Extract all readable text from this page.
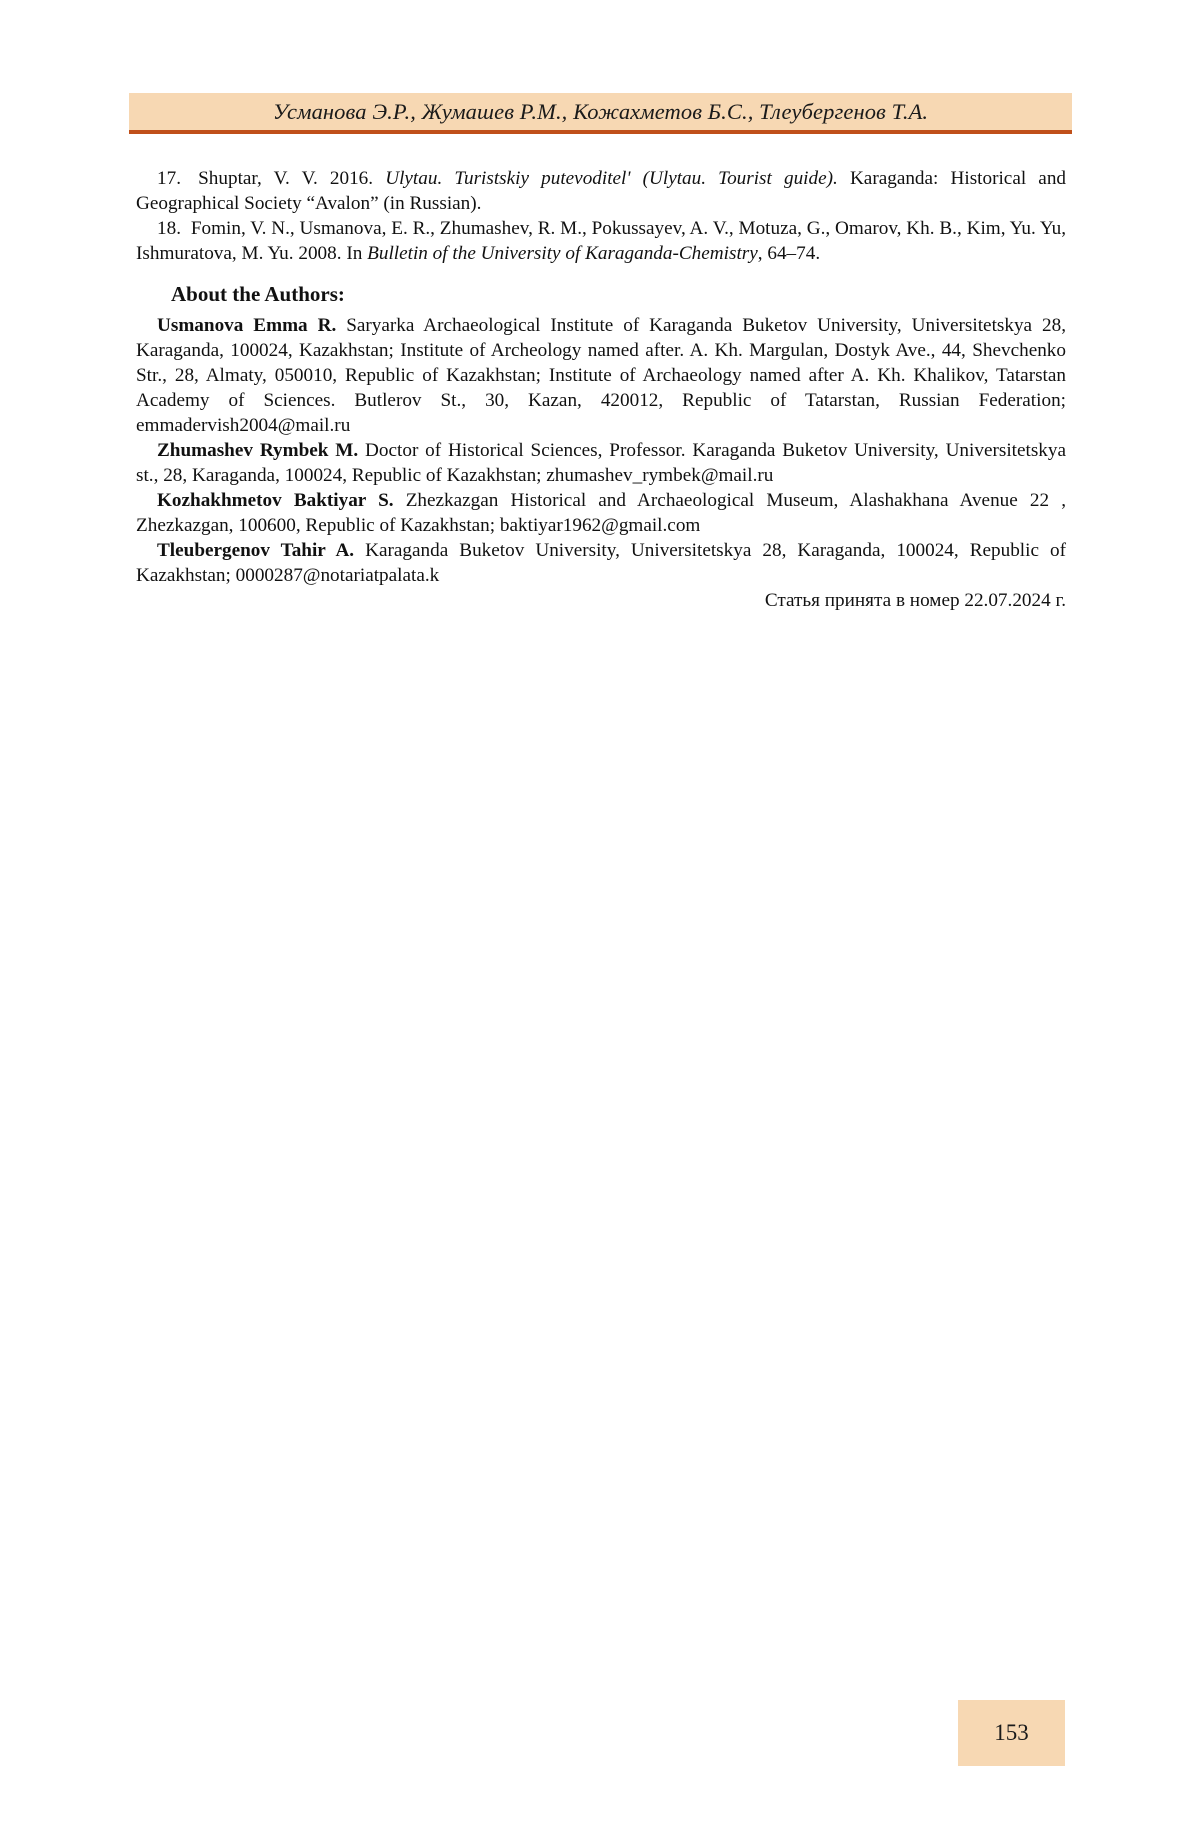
Усманова Э.Р., Жумашев Р.М., Кожахметов Б.С., Тлеубергенов Т.А.

17. Shuptar, V. V. 2016. Ulytau. Turistskiy putevoditel' (Ulytau. Tourist guide). Karaganda: Historical and Geographical Society “Avalon” (in Russian).

18. Fomin, V. N., Usmanova, E. R., Zhumashev, R. M., Pokussayev, A. V., Motuza, G., Omarov, Kh. B., Kim, Yu. Yu, Ishmuratova, M. Yu. 2008. In Bulletin of the University of Karaganda-Chemistry, 64–74.

About the Authors:

Usmanova Emma R. Saryarka Archaeological Institute of Karaganda Buketov University, Universitetskya 28, Karaganda, 100024, Kazakhstan; Institute of Archeology named after. A. Kh. Margulan, Dostyk Ave., 44, Shevchenko Str., 28, Almaty, 050010, Republic of Kazakhstan; Institute of Archaeology named after A. Kh. Khalikov, Tatarstan Academy of Sciences. Butlerov St., 30, Kazan, 420012, Republic of Tatarstan, Russian Federation; emmadervish2004@mail.ru

Zhumashev Rymbek M. Doctor of Historical Sciences, Professor. Karaganda Buketov University, Universitetskya st., 28, Karaganda, 100024, Republic of Kazakhstan; zhumashev_rymbek@mail.ru

Kozhakhmetov Baktiyar S. Zhezkazgan Historical and Archaeological Museum, Alashakhana Avenue 22 , Zhezkazgan, 100600, Republic of Kazakhstan; baktiyar1962@gmail.com

Tleubergenov Tahir A. Karaganda Buketov University, Universitetskya 28, Karaganda, 100024, Republic of Kazakhstan; 0000287@notariatpalata.k

Статья принята в номер 22.07.2024 г.

153
